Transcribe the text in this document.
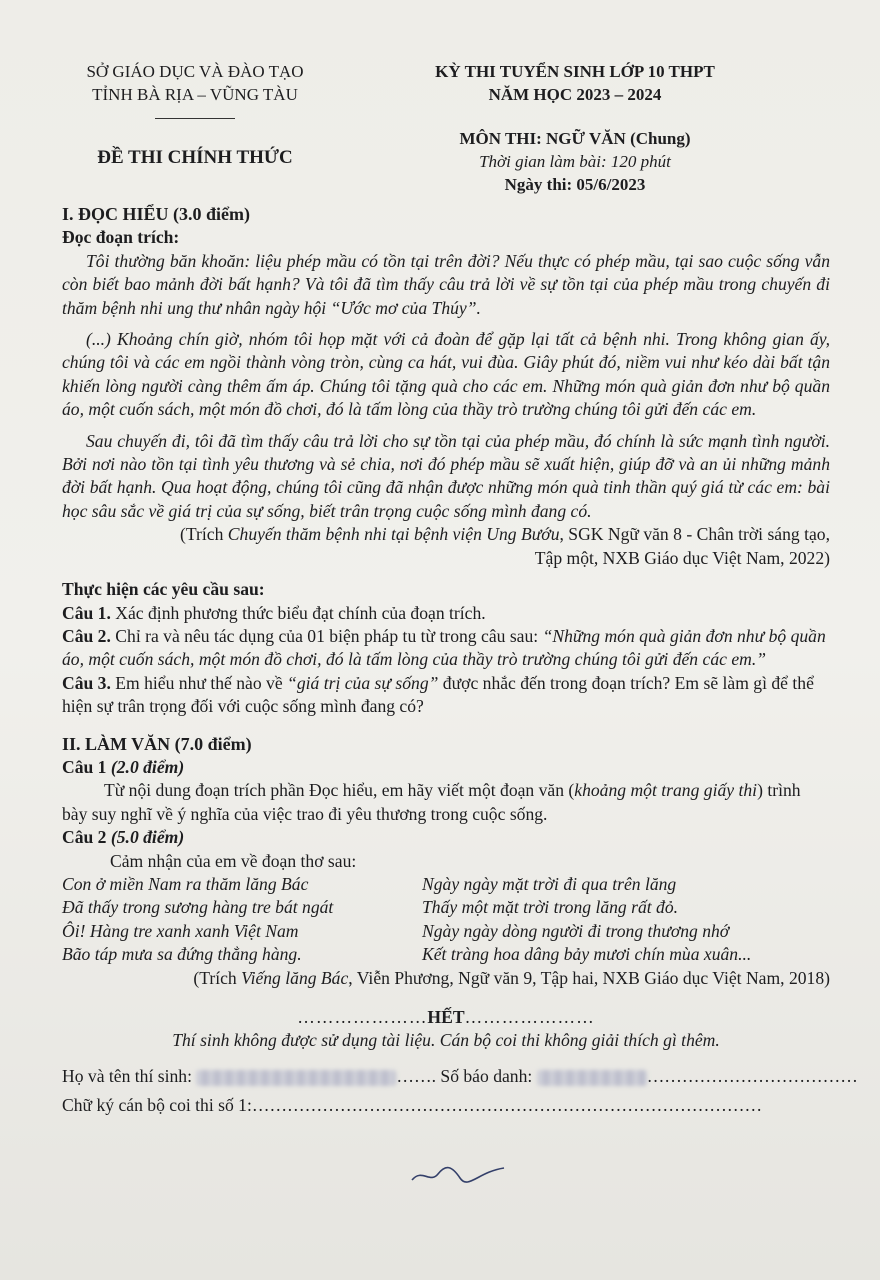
SỞ GIÁO DỤC VÀ ĐÀO TẠO
TỈNH BÀ RỊA – VŨNG TÀU
ĐỀ THI CHÍNH THỨC
KỲ THI TUYỂN SINH LỚP 10 THPT
NĂM HỌC 2023 – 2024
MÔN THI: NGỮ VĂN (Chung)
Thời gian làm bài: 120 phút
Ngày thi: 05/6/2023
I. ĐỌC HIỂU (3.0 điểm)
Đọc đoạn trích:

Tôi thường băn khoăn: liệu phép mầu có tồn tại trên đời? Nếu thực có phép mầu, tại sao cuộc sống vẫn còn biết bao mảnh đời bất hạnh? Và tôi đã tìm thấy câu trả lời về sự tồn tại của phép mầu trong chuyến đi thăm bệnh nhi ung thư nhân ngày hội “Ước mơ của Thúy”.

(...) Khoảng chín giờ, nhóm tôi họp mặt với cả đoàn để gặp lại tất cả bệnh nhi. Trong không gian ấy, chúng tôi và các em ngồi thành vòng tròn, cùng ca hát, vui đùa. Giây phút đó, niềm vui như kéo dài bất tận khiến lòng người càng thêm ấm áp. Chúng tôi tặng quà cho các em. Những món quà giản đơn như bộ quần áo, một cuốn sách, một món đồ chơi, đó là tấm lòng của thầy trò trường chúng tôi gửi đến các em.

Sau chuyến đi, tôi đã tìm thấy câu trả lời cho sự tồn tại của phép mầu, đó chính là sức mạnh tình người. Bởi nơi nào tồn tại tình yêu thương và sẻ chia, nơi đó phép mầu sẽ xuất hiện, giúp đỡ và an ủi những mảnh đời bất hạnh. Qua hoạt động, chúng tôi cũng đã nhận được những món quà tinh thần quý giá từ các em: bài học sâu sắc về giá trị của sự sống, biết trân trọng cuộc sống mình đang có.

(Trích Chuyến thăm bệnh nhi tại bệnh viện Ung Bướu, SGK Ngữ văn 8 - Chân trời sáng tạo,
Tập một, NXB Giáo dục Việt Nam, 2022)
Thực hiện các yêu cầu sau:

Câu 1. Xác định phương thức biểu đạt chính của đoạn trích.

Câu 2. Chỉ ra và nêu tác dụng của 01 biện pháp tu từ trong câu sau: “Những món quà giản đơn như bộ quần áo, một cuốn sách, một món đồ chơi, đó là tấm lòng của thầy trò trường chúng tôi gửi đến các em.”

Câu 3. Em hiểu như thế nào về “giá trị của sự sống” được nhắc đến trong đoạn trích? Em sẽ làm gì để thể hiện sự trân trọng đối với cuộc sống mình đang có?

II. LÀM VĂN (7.0 điểm)
Câu 1 (2.0 điểm)

Từ nội dung đoạn trích phần Đọc hiểu, em hãy viết một đoạn văn (khoảng một trang giấy thi) trình bày suy nghĩ về ý nghĩa của việc trao đi yêu thương trong cuộc sống.

Câu 2 (5.0 điểm)
Cảm nhận của em về đoạn thơ sau:
Con ở miền Nam ra thăm lăng Bác	Ngày ngày mặt trời đi qua trên lăng
Đã thấy trong sương hàng tre bát ngát	Thấy một mặt trời trong lăng rất đỏ.
Ôi! Hàng tre xanh xanh Việt Nam	Ngày ngày dòng người đi trong thương nhớ
Bão táp mưa sa đứng thẳng hàng.	Kết tràng hoa dâng bảy mươi chín mùa xuân...
(Trích Viếng lăng Bác, Viễn Phương, Ngữ văn 9, Tập hai, NXB Giáo dục Việt Nam, 2018)
…………………HẾT…………………
Thí sinh không được sử dụng tài liệu. Cán bộ coi thi không giải thích gì thêm.
Họ và tên thí sinh:	……. Số báo danh:	………………………………
Chữ ký cán bộ coi thi số 1:……………………………………………………………………………
